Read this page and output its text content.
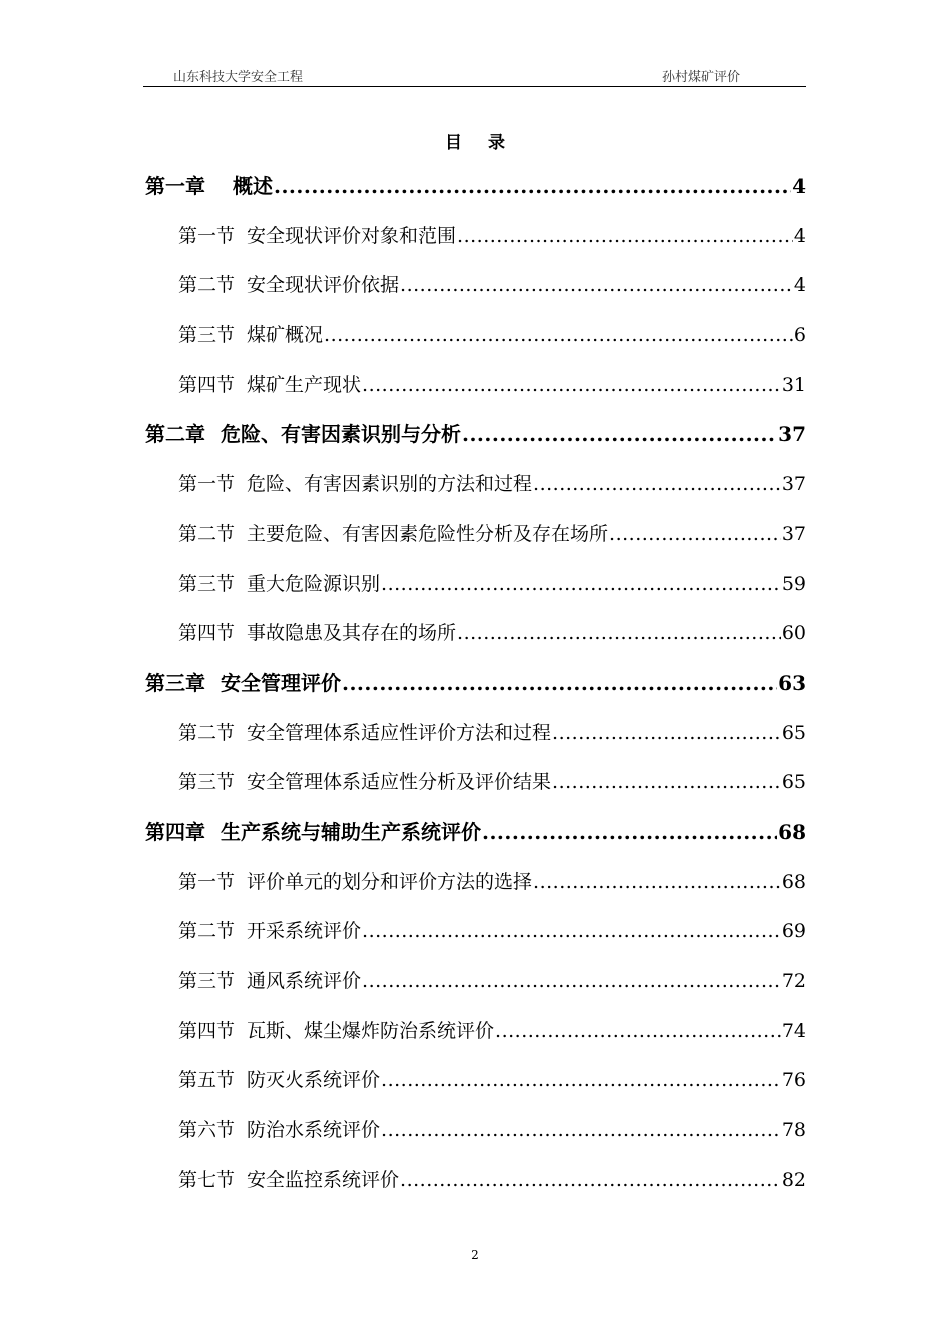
山东科技大学安全工程	孙村煤矿评价
目 录
第一章 概述 .....	4
第一节 安全现状评价对象和范围 .....	4
第二节 安全现状评价依据 .....	4
第三节 煤矿概况 .....	6
第四节 煤矿生产现状 .....	31
第二章 危险、有害因素识别与分析 .....	37
第一节 危险、有害因素识别的方法和过程 .....	37
第二节 主要危险、有害因素危险性分析及存在场所 .....	37
第三节 重大危险源识别 .....	59
第四节 事故隐患及其存在的场所 .....	60
第三章 安全管理评价 .....	63
第二节 安全管理体系适应性评价方法和过程 .....	65
第三节 安全管理体系适应性分析及评价结果 .....	65
第四章 生产系统与辅助生产系统评价 .....	68
第一节 评价单元的划分和评价方法的选择 .....	68
第二节 开采系统评价 .....	69
第三节 通风系统评价 .....	72
第四节 瓦斯、煤尘爆炸防治系统评价 .....	74
第五节 防灭火系统评价 .....	76
第六节 防治水系统评价 .....	78
第七节 安全监控系统评价 .....	82
2
